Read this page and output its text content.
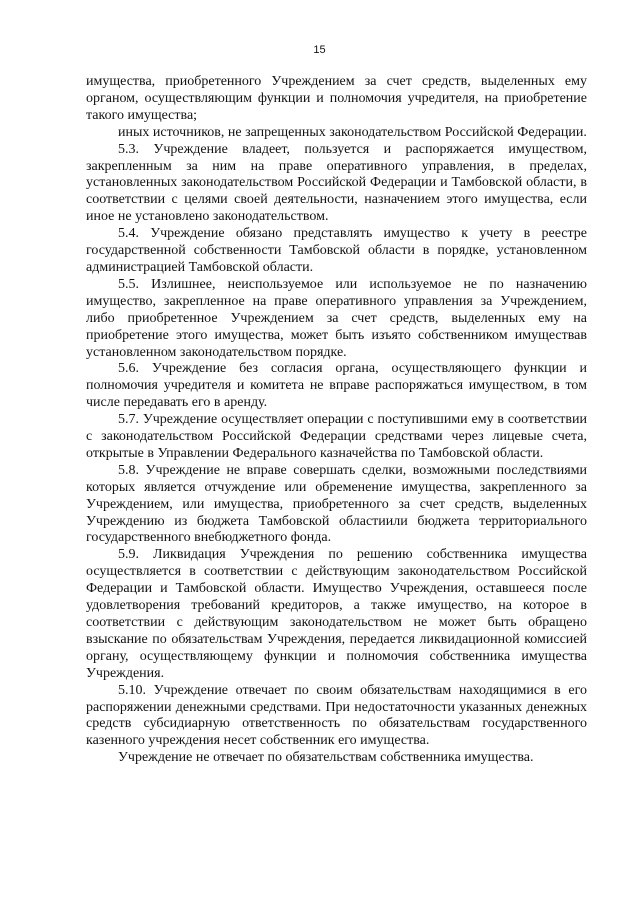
15

имущества, приобретенного Учреждением за счет средств, выделенных ему органом, осуществляющим функции и полномочия учредителя, на приобретение такого имущества;

иных источников, не запрещенных законодательством Российской Федерации.

5.3. Учреждение владеет, пользуется и распоряжается имуществом, закрепленным за ним на праве оперативного управления, в пределах, установленных законодательством Российской Федерации и Тамбовской области, в соответствии с целями своей деятельности, назначением этого имущества, если иное не установлено законодательством.

5.4. Учреждение обязано представлять имущество к учету в реестре государственной собственности Тамбовской области в порядке, установленном администрацией Тамбовской области.

5.5. Излишнее, неиспользуемое или используемое не по назначению имущество, закрепленное на праве оперативного управления за Учреждением, либо приобретенное Учреждением за счет средств, выделенных ему на приобретение этого имущества, может быть изъято собственником имуществав установленном законодательством порядке.

5.6. Учреждение без согласия органа, осуществляющего функции и полномочия учредителя и комитета не вправе распоряжаться имуществом, в том числе передавать его в аренду.

5.7. Учреждение осуществляет операции с поступившими ему в соответствии с законодательством Российской Федерации средствами через лицевые счета, открытые в Управлении Федерального казначейства по Тамбовской области.

5.8. Учреждение не вправе совершать сделки, возможными последствиями которых является отчуждение или обременение имущества, закрепленного за Учреждением, или имущества, приобретенного за счет средств, выделенных Учреждению из бюджета Тамбовской областиили бюджета территориального государственного внебюджетного фонда.

5.9. Ликвидация Учреждения по решению собственника имущества осуществляется в соответствии с действующим законодательством Российской Федерации и Тамбовской области. Имущество Учреждения, оставшееся после удовлетворения требований кредиторов, а также имущество, на которое в соответствии с действующим законодательством не может быть обращено взыскание по обязательствам Учреждения, передается ликвидационной комиссией органу, осуществляющему функции и полномочия собственника имущества Учреждения.

5.10. Учреждение отвечает по своим обязательствам находящимися в его распоряжении денежными средствами. При недостаточности указанных денежных средств субсидиарную ответственность по обязательствам государственного казенного учреждения несет собственник его имущества.

Учреждение не отвечает по обязательствам собственника имущества.
